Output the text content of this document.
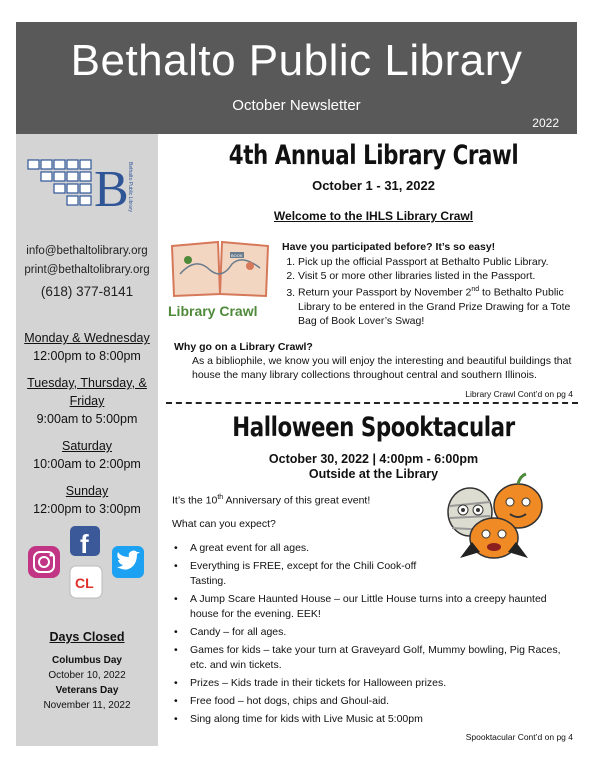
Bethalto Public Library
October Newsletter
2022
B
Bethalto Public Library
info@bethaltolibrary.org
print@bethaltolibrary.org
(618) 377-8141
Monday & Wednesday
12:00pm to 8:00pm
Tuesday, Thursday, & Friday
9:00am to 5:00pm
Saturday
10:00am to 2:00pm
Sunday
12:00pm to 3:00pm
f
CL
Days Closed
Columbus Day
October 10, 2022
Veterans Day
November 11, 2022
4th Annual Library Crawl
October 1 - 31, 2022
Welcome to the IHLS Library Crawl
BOOK
Library Crawl
Have you participated before? It’s so easy!
1. Pick up the official Passport at Bethalto Public Library.
2. Visit 5 or more other libraries listed in the Passport.
3. Return your Passport by November 2nd to Bethalto Public Library to be entered in the Grand Prize Drawing for a Tote Bag of Book Lover’s Swag!
Why go on a Library Crawl?
As a bibliophile, we know you will enjoy the interesting and beautiful buildings that house the many library collections throughout central and southern Illinois.
Library Crawl Cont’d on pg 4
Halloween Spooktacular
October 30, 2022 | 4:00pm - 6:00pm
Outside at the Library
It’s the 10th Anniversary of this great event!
What can you expect?
• A great event for all ages.
• Everything is FREE, except for the Chili Cook-off Tasting.
• A Jump Scare Haunted House – our Little House turns into a creepy haunted house for the evening. EEK!
• Candy – for all ages.
• Games for kids – take your turn at Graveyard Golf, Mummy bowling, Pig Races, etc. and win tickets.
• Prizes – Kids trade in their tickets for Halloween prizes.
• Free food – hot dogs, chips and Ghoul-aid.
• Sing along time for kids with Live Music at 5:00pm
Spooktacular Cont’d on pg 4
